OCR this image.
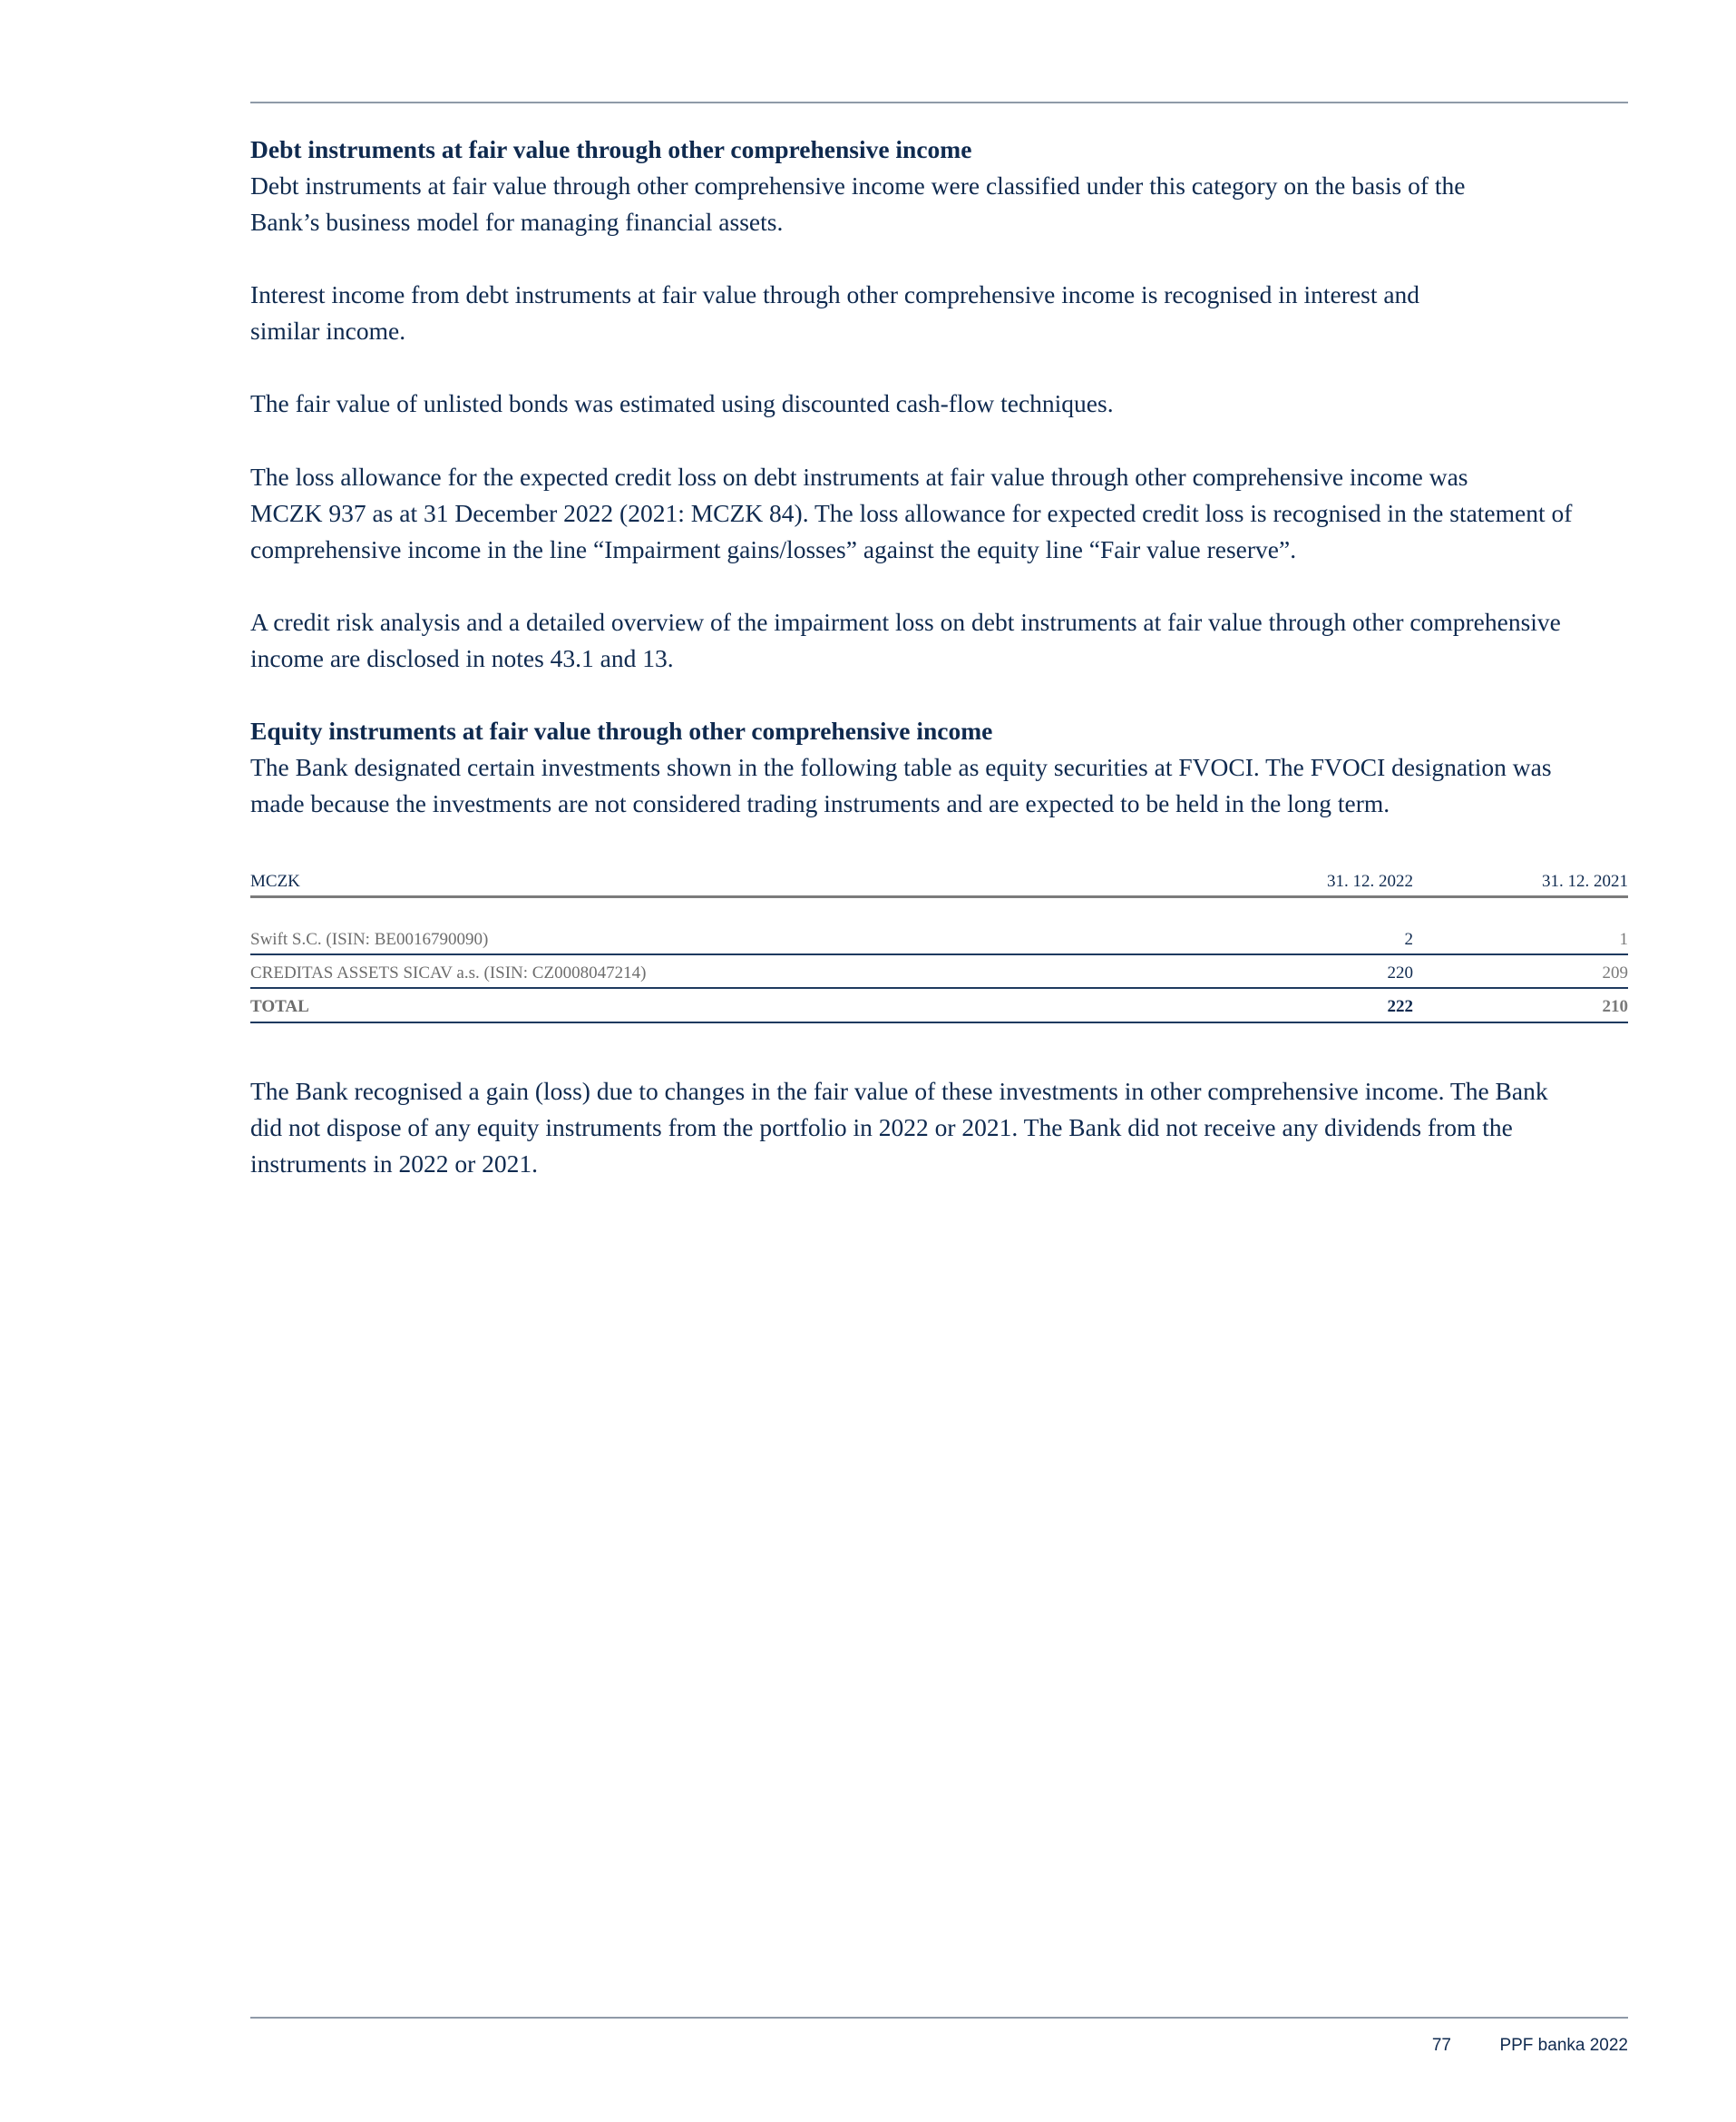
Debt instruments at fair value through other comprehensive income
Debt instruments at fair value through other comprehensive income were classified under this category on the basis of the
Bank’s business model for managing financial assets.
Interest income from debt instruments at fair value through other comprehensive income is recognised in interest and
similar income.
The fair value of unlisted bonds was estimated using discounted cash-flow techniques.
The loss allowance for the expected credit loss on debt instruments at fair value through other comprehensive income was
MCZK 937 as at 31 December 2022 (2021: MCZK 84). The loss allowance for expected credit loss is recognised in the statement of
comprehensive income in the line “Impairment gains/losses” against the equity line “Fair value reserve”.
A credit risk analysis and a detailed overview of the impairment loss on debt instruments at fair value through other comprehensive
income are disclosed in notes 43.1 and 13.
Equity instruments at fair value through other comprehensive income
The Bank designated certain investments shown in the following table as equity securities at FVOCI. The FVOCI designation was
made because the investments are not considered trading instruments and are expected to be held in the long term.
MCZK	31. 12. 2022	31. 12. 2021
Swift S.C. (ISIN: BE0016790090)	2	1
CREDITAS ASSETS SICAV a.s. (ISIN: CZ0008047214)	220	209
TOTAL	222	210
The Bank recognised a gain (loss) due to changes in the fair value of these investments in other comprehensive income. The Bank
did not dispose of any equity instruments from the portfolio in 2022 or 2021. The Bank did not receive any dividends from the
instruments in 2022 or 2021.
77	PPF banka 2022
